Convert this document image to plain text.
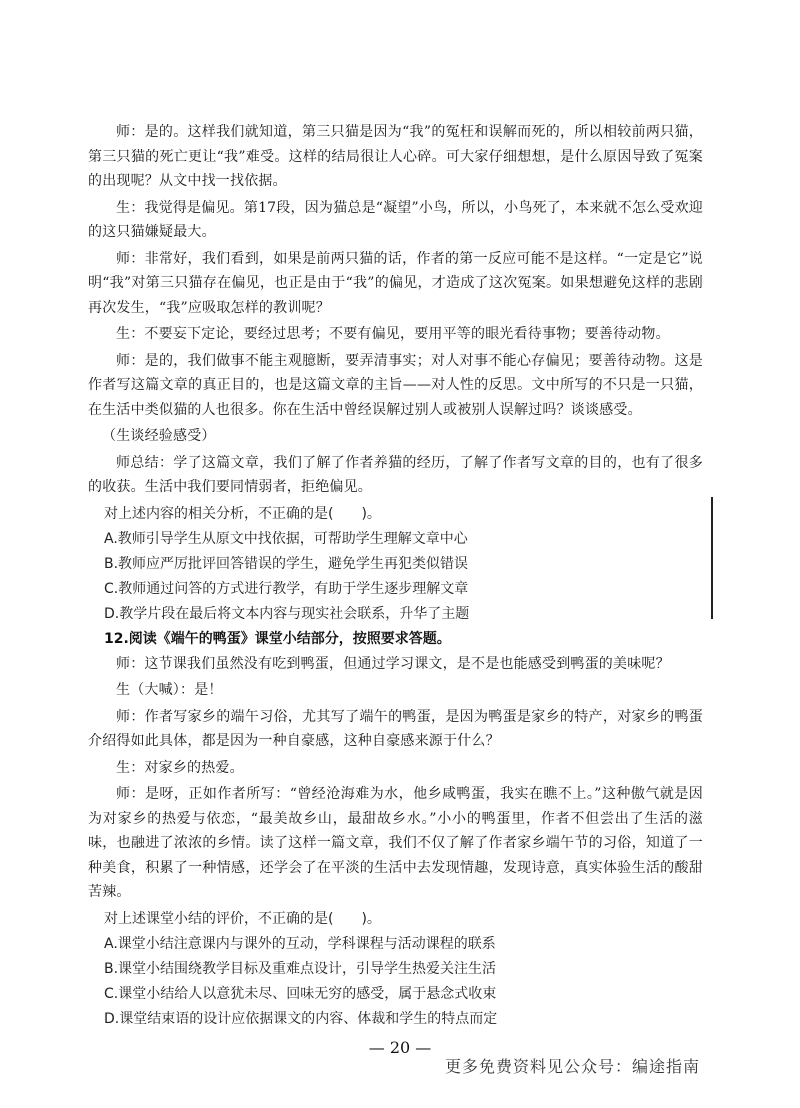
师：是的。这样我们就知道，第三只猫是因为“我”的冤枉和误解而死的，所以相较前两只猫，第三只猫的死亡更让“我”难受。这样的结局很让人心碎。可大家仔细想想，是什么原因导致了冤案的出现呢？从文中找一找依据。

生：我觉得是偏见。第17段，因为猫总是“凝望”小鸟，所以，小鸟死了，本来就不怎么受欢迎的这只猫嫌疑最大。

师：非常好，我们看到，如果是前两只猫的话，作者的第一反应可能不是这样。“一定是它”说明“我”对第三只猫存在偏见，也正是由于“我”的偏见，才造成了这次冤案。如果想避免这样的悲剧再次发生，“我”应吸取怎样的教训呢？

生：不要妄下定论，要经过思考；不要有偏见，要用平等的眼光看待事物；要善待动物。

师：是的，我们做事不能主观臆断，要弄清事实；对人对事不能心存偏见；要善待动物。这是作者写这篇文章的真正目的，也是这篇文章的主旨——对人性的反思。文中所写的不只是一只猫，在生活中类似猫的人也很多。你在生活中曾经误解过别人或被别人误解过吗？谈谈感受。

（生谈经验感受）

师总结：学了这篇文章，我们了解了作者养猫的经历，了解了作者写文章的目的，也有了很多的收获。生活中我们要同情弱者，拒绝偏见。

对上述内容的相关分析，不正确的是(　　)。

A.教师引导学生从原文中找依据，可帮助学生理解文章中心

B.教师应严厉批评回答错误的学生，避免学生再犯类似错误

C.教师通过问答的方式进行教学，有助于学生逐步理解文章

D.教学片段在最后将文本内容与现实社会联系，升华了主题

12.阅读《端午的鸭蛋》课堂小结部分，按照要求答题。

师：这节课我们虽然没有吃到鸭蛋，但通过学习课文，是不是也能感受到鸭蛋的美味呢？

生（大喊）：是！

师：作者写家乡的端午习俗，尤其写了端午的鸭蛋，是因为鸭蛋是家乡的特产，对家乡的鸭蛋介绍得如此具体，都是因为一种自豪感，这种自豪感来源于什么？

生：对家乡的热爱。

师：是呀，正如作者所写：“曾经沧海难为水，他乡咸鸭蛋，我实在瞧不上。”这种傲气就是因为对家乡的热爱与依恋，“最美故乡山，最甜故乡水。”小小的鸭蛋里，作者不但尝出了生活的滋味，也融进了浓浓的乡情。读了这样一篇文章，我们不仅了解了作者家乡端午节的习俗，知道了一种美食，积累了一种情感，还学会了在平淡的生活中去发现情趣，发现诗意，真实体验生活的酸甜苦辣。

对上述课堂小结的评价，不正确的是(　　)。

A.课堂小结注意课内与课外的互动，学科课程与活动课程的联系

B.课堂小结围绕教学目标及重难点设计，引导学生热爱关注生活

C.课堂小结给人以意犹未尽、回味无穷的感受，属于悬念式收束

D.课堂结束语的设计应依据课文的内容、体裁和学生的特点而定

— 20 —
更多免费资料见公众号：编途指南
